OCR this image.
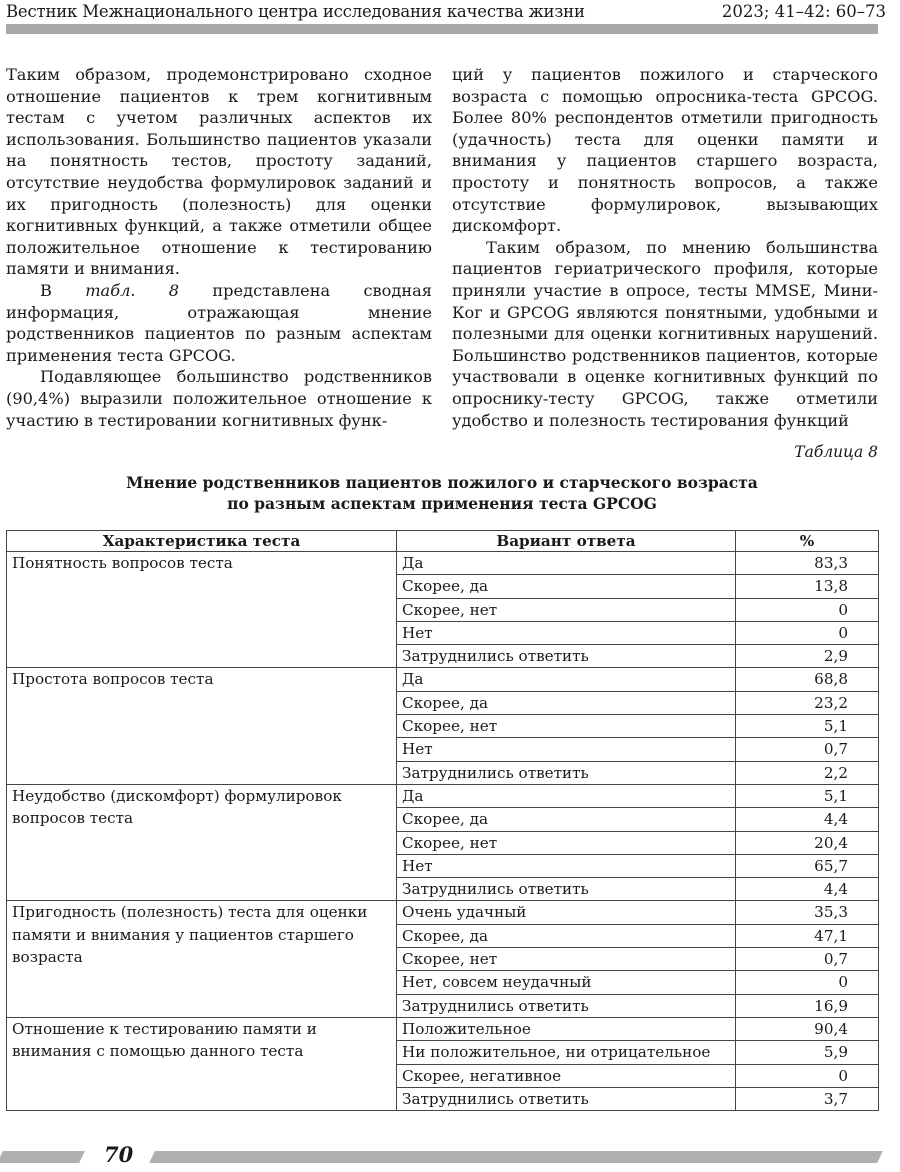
Вестник Межнационального центра исследования качества жизни	2023; 41–42: 60–73

Таким образом, продемонстрировано сходное отношение пациентов к трем когнитивным тестам с учетом различных аспектов их использования. Большинство пациентов указали на понятность тестов, простоту заданий, отсутствие неудобства формулировок заданий и их пригодность (полезность) для оценки когнитивных функций, а также отметили общее положительное отношение к тестированию памяти и внимания.

В табл. 8 представлена сводная информация, отражающая мнение родственников пациентов по разным аспектам применения теста GPCOG.

Подавляющее большинство родственников (90,4%) выразили положительное отношение к участию в тестировании когнитивных функ-

ций у пациентов пожилого и старческого возраста с помощью опросника-теста GPCOG. Более 80% респондентов отметили пригодность (удачность) теста для оценки памяти и внимания у пациентов старшего возраста, простоту и понятность вопросов, а также отсутствие формулировок, вызывающих дискомфорт.

Таким образом, по мнению большинства пациентов гериатрического профиля, которые приняли участие в опросе, тесты MMSE, Мини-Ког и GPCOG являются понятными, удобными и полезными для оценки когнитивных нарушений. Большинство родственников пациентов, которые участвовали в оценке когнитивных функций по опроснику-тесту GPCOG, также отметили удобство и полезность тестирования функций

Таблица 8
Мнение родственников пациентов пожилого и старческого возраста
по разным аспектам применения теста GPCOG
Характеристика теста	Вариант ответа	%
Понятность вопросов теста	Да	83,3
	Скорее, да	13,8
	Скорее, нет	0
	Нет	0
	Затруднились ответить	2,9
Простота вопросов теста	Да	68,8
	Скорее, да	23,2
	Скорее, нет	5,1
	Нет	0,7
	Затруднились ответить	2,2
Неудобство (дискомфорт) формулировок вопросов теста	Да	5,1
	Скорее, да	4,4
	Скорее, нет	20,4
	Нет	65,7
	Затруднились ответить	4,4
Пригодность (полезность) теста для оценки памяти и внимания у пациентов старшего возраста	Очень удачный	35,3
	Скорее, да	47,1
	Скорее, нет	0,7
	Нет, совсем неудачный	0
	Затруднились ответить	16,9
Отношение к тестированию памяти и внимания с помощью данного теста	Положительное	90,4
	Ни положительное, ни отрицательное	5,9
	Скорее, негативное	0
	Затруднились ответить	3,7
70
